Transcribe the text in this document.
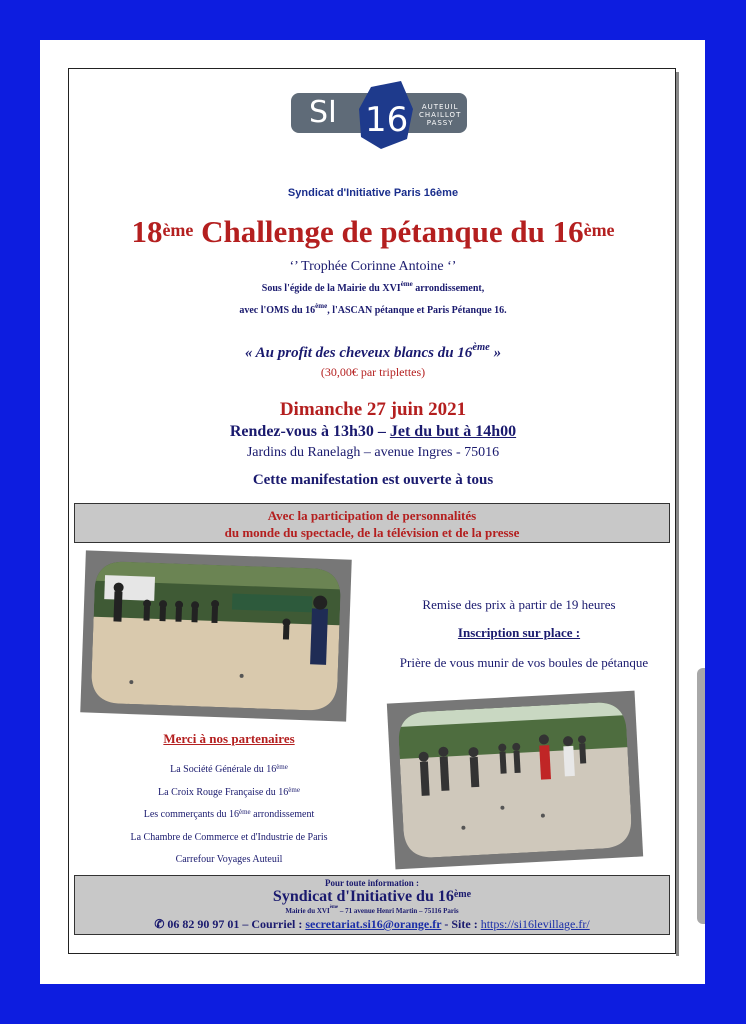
SI 16	AUTEUIL
CHAILLOT
PASSY
Syndicat d'Initiative Paris 16ème
18ème Challenge de pétanque du 16ème
‘’ Trophée Corinne Antoine ‘’
Sous l'égide de la Mairie du XVIème arrondissement,
avec l'OMS du 16ème, l'ASCAN pétanque et Paris Pétanque 16.
« Au profit des cheveux blancs du 16ème »
(30,00€ par triplettes)
Dimanche 27 juin 2021
Rendez-vous à 13h30 – Jet du but à 14h00
Jardins du Ranelagh – avenue Ingres - 75016
Cette manifestation est ouverte à tous
Avec la participation de personnalités
du monde du spectacle, de la télévision et de la presse
Remise des prix à partir de 19 heures
Inscription sur place :
Prière de vous munir de vos boules de pétanque
Merci à nos partenaires
La Société Générale du 16ème
La Croix Rouge Française du 16ème
Les commerçants du 16ème arrondissement
La Chambre de Commerce et d'Industrie de Paris
Carrefour Voyages Auteuil
Pour toute information :
Syndicat d'Initiative du 16ème
Mairie du XVIème – 71 avenue Henri Martin – 75116 Paris
✆ 06 82 90 97 01 – Courriel : secretariat.si16@orange.fr - Site : https://si16levillage.fr/
